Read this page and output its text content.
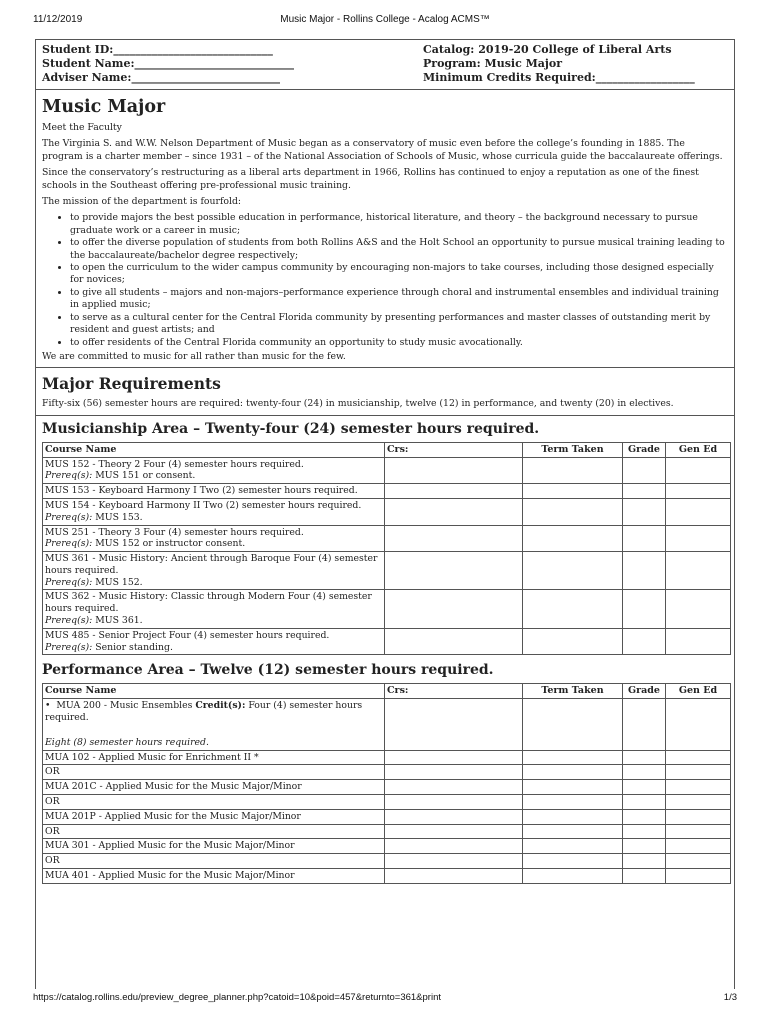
11/12/2019	Music Major - Rollins College - Acalog ACMS™
Student ID:_____________________________
Student Name:_____________________________
Adviser Name:___________________________
Catalog: 2019-20 College of Liberal Arts
Program: Music Major
Minimum Credits Required:__________________
Music Major

Meet the Faculty

The Virginia S. and W.W. Nelson Department of Music began as a conservatory of music even before the college’s founding in 1885. The program is a charter member – since 1931 – of the National Association of Schools of Music, whose curricula guide the baccalaureate offerings.

Since the conservatory’s restructuring as a liberal arts department in 1966, Rollins has continued to enjoy a reputation as one of the finest schools in the Southeast offering pre-professional music training.

The mission of the department is fourfold:

• to provide majors the best possible education in performance, historical literature, and theory – the background necessary to pursue graduate work or a career in music;
• to offer the diverse population of students from both Rollins A&S and the Holt School an opportunity to pursue musical training leading to the baccalaureate/bachelor degree respectively;
• to open the curriculum to the wider campus community by encouraging non-majors to take courses, including those designed especially for novices;
• to give all students – majors and non-majors–performance experience through choral and instrumental ensembles and individual training in applied music;
• to serve as a cultural center for the Central Florida community by presenting performances and master classes of outstanding merit by resident and guest artists; and
• to offer residents of the Central Florida community an opportunity to study music avocationally.

We are committed to music for all rather than music for the few.

Major Requirements

Fifty-six (56) semester hours are required: twenty-four (24) in musicianship, twelve (12) in performance, and twenty (20) in electives.

Musicianship Area – Twenty-four (24) semester hours required.
Course Name	Crs:	Term Taken	Grade	Gen Ed
MUS 152 - Theory 2 Four (4) semester hours required.
Prereq(s): MUS 151 or consent.				

MUS 153 - Keyboard Harmony I Two (2) semester hours required.				
MUS 154 - Keyboard Harmony II Two (2) semester hours required.
Prereq(s): MUS 153.				

MUS 251 - Theory 3 Four (4) semester hours required.
Prereq(s): MUS 152 or instructor consent.				

MUS 361 - Music History: Ancient through Baroque Four (4) semester hours required.
Prereq(s): MUS 152.				

MUS 362 - Music History: Classic through Modern Four (4) semester hours required.
Prereq(s): MUS 361.				

MUS 485 - Senior Project Four (4) semester hours required.
Prereq(s): Senior standing.				

Performance Area – Twelve (12) semester hours required.
Course Name	Crs:	Term Taken	Grade	Gen Ed
•  MUA 200 - Music Ensembles Credit(s): Four (4) semester hours required.
Eight (8) semester hours required.				

MUA 102 - Applied Music for Enrichment II *				
OR				
MUA 201C - Applied Music for the Music Major/Minor				
OR				
MUA 201P - Applied Music for the Music Major/Minor				
OR				
MUA 301 - Applied Music for the Music Major/Minor				
OR				
MUA 401 - Applied Music for the Music Major/Minor				
https://catalog.rollins.edu/preview_degree_planner.php?catoid=10&poid=457&returnto=361&print	1/3
